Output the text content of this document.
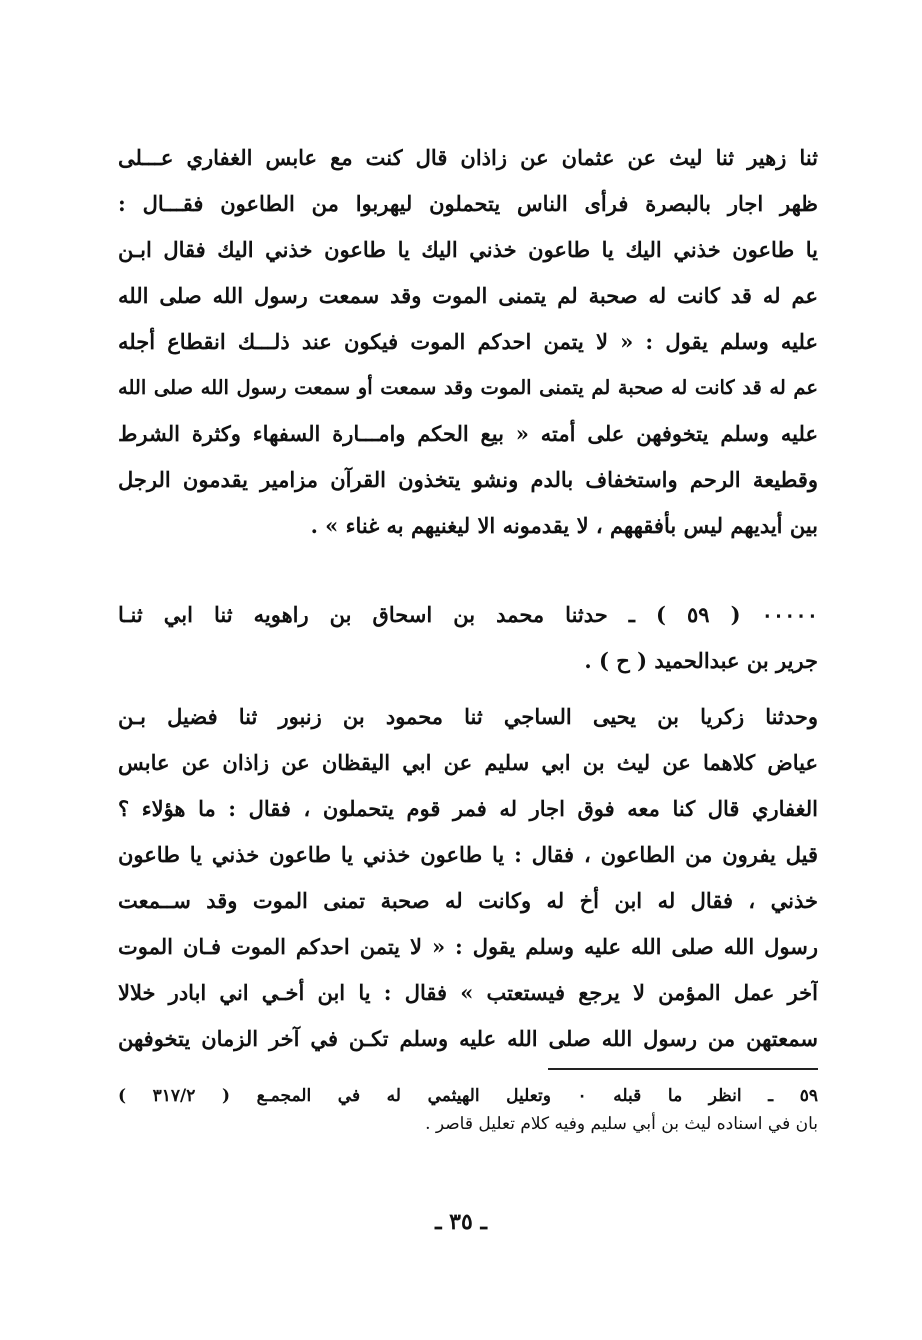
ثنا زهير ثنا ليث عن عثمان عن زاذان قال كنت مع عابس الغفاري عـــلى
ظهر اجار بالبصرة فرأى الناس يتحملون ليهربوا من الطاعون فقـــال :
يا طاعون خذني اليك يا طاعون خذني اليك يا طاعون خذني اليك فقال ابـن
عم له قد كانت له صحبة لم يتمنى الموت وقد سمعت رسول الله صلى الله
عليه وسلم يقول : « لا يتمن احدكم الموت فيكون عند ذلـــك انقطاع أجله
عم له قد كانت له صحبة لم يتمنى الموت وقد سمعت أو سمعت رسول الله صلى الله
عليه وسلم يتخوفهن على أمته « بيع الحكم وامـــارة السفهاء وكثرة الشرط
وقطيعة الرحم واستخفاف بالدم ونشو يتخذون القرآن مزامير يقدمون الرجل
بين أيديهم ليس بأفقههم ، لا يقدمونه الا ليغنيهم به غناء » .
٠٠٠٠٠ ( ٥٩ ) ـ حدثنا محمد بن اسحاق بن راهويه ثنا ابي ثنـا
جرير بن عبدالحميد ( ح ) .
وحدثنا زكريا بن يحيى الساجي ثنا محمود بن زنبور ثنا فضيل بـن
عياض كلاهما عن ليث بن ابي سليم عن ابي اليقظان عن زاذان عن عابس
الغفاري قال كنا معه فوق اجار له فمر قوم يتحملون ، فقال : ما هؤلاء ؟
قيل يفرون من الطاعون ، فقال : يا طاعون خذني يا طاعون خذني يا طاعون
خذني ، فقال له ابن أخ له وكانت له صحبة تمنى الموت وقد ســمعت
رسول الله صلى الله عليه وسلم يقول : « لا يتمن احدكم الموت فـان الموت
آخر عمل المؤمن لا يرجع فيستعتب » فقال : يا ابن أخـي اني ابادر خلالا
سمعتهن من رسول الله صلى الله عليه وسلم تكـن في آخر الزمان يتخوفهن
٥٩ ـ انظر ما قبله ٠ وتعليل الهيثمي له في المجمـع ( ٣١٧/٢ )
بان في اسناده ليث بن أبي سليم وفيه كلام تعليل قاصر .
ـ ٣٥ ـ
